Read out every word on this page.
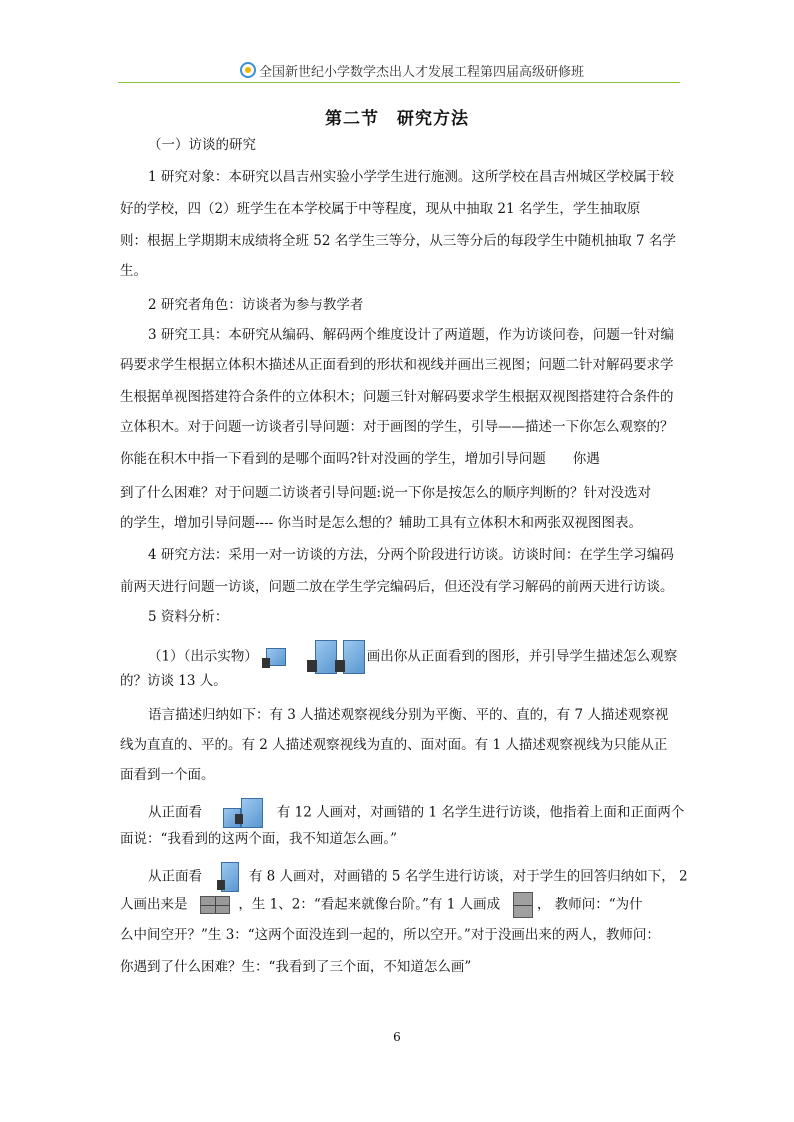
全国新世纪小学数学杰出人才发展工程第四届高级研修班
第二节　研究方法
（一）访谈的研究
1 研究对象：本研究以昌吉州实验小学学生进行施测。这所学校在昌吉州城区学校属于较
好的学校，四（2）班学生在本学校属于中等程度，现从中抽取 21 名学生，学生抽取原
则：根据上学期期末成绩将全班 52 名学生三等分，从三等分后的每段学生中随机抽取 7 名学
生。
2 研究者角色：访谈者为参与教学者
3 研究工具：本研究从编码、解码两个维度设计了两道题，作为访谈问卷，问题一针对编
码要求学生根据立体积木描述从正面看到的形状和视线并画出三视图；问题二针对解码要求学
生根据单视图搭建符合条件的立体积木；问题三针对解码要求学生根据双视图搭建符合条件的
立体积木。对于问题一访谈者引导问题：对于画图的学生，引导——描述一下你怎么观察的？
你能在积木中指一下看到的是哪个面吗?针对没画的学生，增加引导问题　　你遇
到了什么困难？对于问题二访谈者引导问题:说一下你是按怎么的顺序判断的？针对没选对
的学生，增加引导问题---- 你当时是怎么想的？辅助工具有立体积木和两张双视图图表。
4 研究方法：采用一对一访谈的方法，分两个阶段进行访谈。访谈时间：在学生学习编码
前两天进行问题一访谈，问题二放在学生学完编码后，但还没有学习解码的前两天进行访谈。
5 资料分析：
（1）（出示实物）
	画出你从正面看到的图形，并引导学生描述怎么观察
的？访谈 13 人。
语言描述归纳如下：有 3 人描述观察视线分别为平衡、平的、直的，有 7 人描述观察视
线为直直的、平的。有 2 人描述观察视线为直的、面对面。有 1 人描述观察视线为只能从正
面看到一个面。
从正面看	有 12 人画对，对画错的 1 名学生进行访谈，他指着上面和正面两个
面说：“我看到的这两个面，我不知道怎么画。”
从正面看	有 8 人画对，对画错的 5 名学生进行访谈，对于学生的回答归纳如下， 2
人画出来是	，生 1、2：“看起来就像台阶。”有 1 人画成	， 教师问：“为什
么中间空开？”生 3：“这两个面没连到一起的，所以空开。”对于没画出来的两人，教师问：
你遇到了什么困难？生：“我看到了三个面，不知道怎么画”
6
